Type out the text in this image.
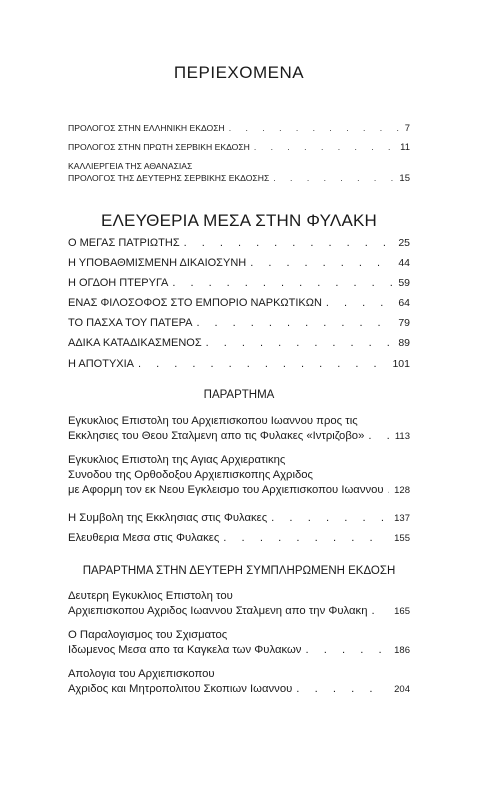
ΠΕΡΙΕΧΟΜΕΝΑ
ΠΡΟΛΟΓΟΣ ΣΤΗΝ ΕΛΛΗΝΙΚΗ ΕΚΔΟΣΗ . . .	7
ΠΡΟΛΟΓΟΣ ΣΤΗΝ ΠΡΩΤΗ ΣΕΡΒΙΚΗ ΕΚΔΟΣΗ . . .	11
ΚΑΛΛΙΕΡΓΕΙΑ ΤΗΣ ΑΘΑΝΑΣΙΑΣ
ΠΡΟΛΟΓΟΣ ΤΗΣ ΔΕΥΤΕΡΗΣ ΣΕΡΒΙΚΗΣ ΕΚΔΟΣΗΣ . . .	15
ΕΛΕΥΘΕΡΙΑ ΜΕΣΑ ΣΤΗΝ ΦΥΛΑΚΗ
Ο ΜΕΓΑΣ ΠΑΤΡΙΩΤΗΣ . . .	25
Η ΥΠΟΒΑΘΜΙΣΜΕΝΗ ΔΙΚΑΙΟΣΥΝΗ . . .	44
Η ΟΓΔΟΗ ΠΤΕΡΥΓΑ . . .	59
ΕΝΑΣ ΦΙΛΟΣΟΦΟΣ ΣΤΟ ΕΜΠΟΡΙΟ ΝΑΡΚΩΤΙΚΩΝ . . .	64
ΤΟ ΠΑΣΧΑ ΤΟΥ ΠΑΤΕΡΑ . . .	79
ΑΔΙΚΑ ΚΑΤΑΔΙΚΑΣΜΕΝΟΣ . . .	89
Η ΑΠΟΤΥΧΙΑ . . .	101
ΠΑΡΑΡΤΗΜΑ
Εγκυκλιος Επιστολη του Αρχιεπισκοπου Ιωαννου προς τις
Εκκλησιες του Θεου Σταλμενη απο τις Φυλακες «Ιντριζοβο» . . .	113
Εγκυκλιος Επιστολη της Αγιας Αρχιερατικης
Συνοδου της Ορθοδοξου Αρχιεπισκοπης Αχριδος
με Αφορμη τον εκ Νεου Εγκλεισμο του Αρχιεπισκοπου Ιωαννου . . . 128
Η Συμβολη της Εκκλησιας στις Φυλακες . . .	137
Ελευθερια Μεσα στις Φυλακες . . .	155
ΠΑΡΑΡΤΗΜΑ ΣΤΗΝ ΔΕΥΤΕΡΗ ΣΥΜΠΛΗΡΩΜΕΝΗ ΕΚΔΟΣΗ
Δευτερη Εγκυκλιος Επιστολη του
Αρχιεπισκοπου Αχριδος Ιωαννου Σταλμενη απο την Φυλακη . . .	165
Ο Παραλογισμος του Σχισματος
Ιδωμενος Μεσα απο τα Καγκελα των Φυλακων . . .	186
Απολογια του Αρχιεπισκοπου
Αχριδος και Μητροπολιτου Σκοπιων Ιωαννου . . .	204
